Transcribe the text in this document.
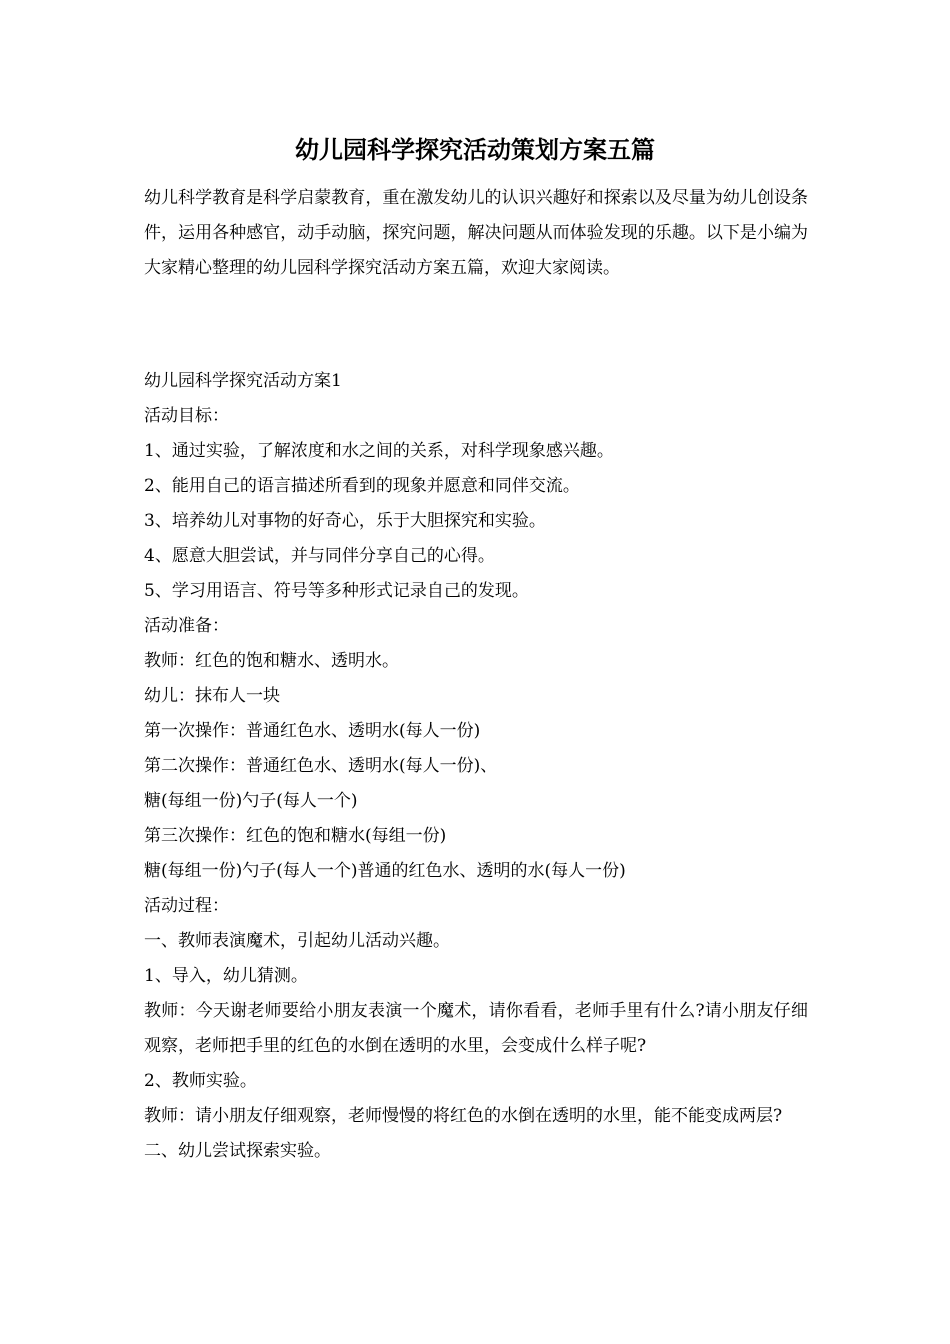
幼儿园科学探究活动策划方案五篇
幼儿科学教育是科学启蒙教育，重在激发幼儿的认识兴趣好和探索以及尽量为幼儿创设条件，运用各种感官，动手动脑，探究问题，解决问题从而体验发现的乐趣。以下是小编为大家精心整理的幼儿园科学探究活动方案五篇，欢迎大家阅读。
幼儿园科学探究活动方案1
活动目标：
1、通过实验，了解浓度和水之间的关系，对科学现象感兴趣。
2、能用自己的语言描述所看到的现象并愿意和同伴交流。
3、培养幼儿对事物的好奇心，乐于大胆探究和实验。
4、愿意大胆尝试，并与同伴分享自己的心得。
5、学习用语言、符号等多种形式记录自己的发现。
活动准备：
教师：红色的饱和糖水、透明水。
幼儿：抹布人一块
第一次操作：普通红色水、透明水(每人一份)
第二次操作：普通红色水、透明水(每人一份)、
糖(每组一份)勺子(每人一个)
第三次操作：红色的饱和糖水(每组一份)
糖(每组一份)勺子(每人一个)普通的红色水、透明的水(每人一份)
活动过程：
一、教师表演魔术，引起幼儿活动兴趣。
1、导入，幼儿猜测。
教师：今天谢老师要给小朋友表演一个魔术，请你看看，老师手里有什么?请小朋友仔细观察，老师把手里的红色的水倒在透明的水里，会变成什么样子呢?
2、教师实验。
教师：请小朋友仔细观察，老师慢慢的将红色的水倒在透明的水里，能不能变成两层?
二、幼儿尝试探索实验。
